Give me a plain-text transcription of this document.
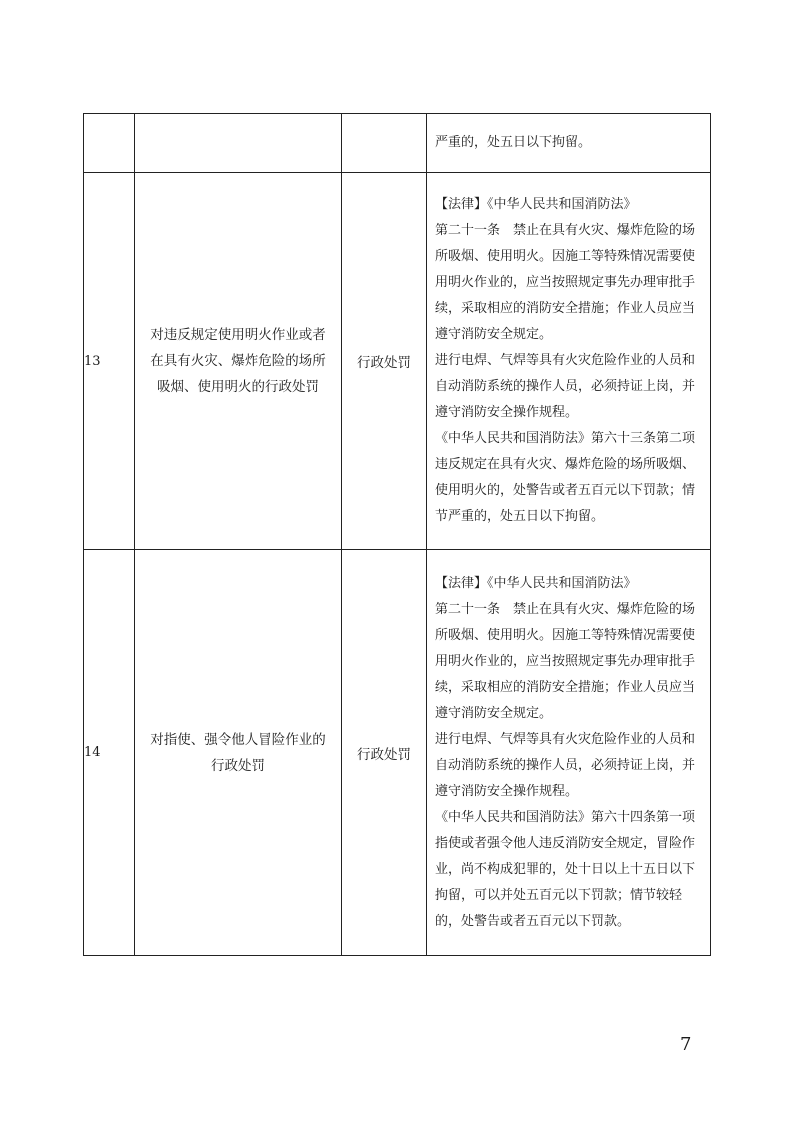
			严重的，处五日以下拘留。

13	对违反规定使用明火作业或者在具有火灾、爆炸危险的场所吸烟、使用明火的行政处罚	行政处罚	【法律】《中华人民共和国消防法》

第二十一条　禁止在具有火灾、爆炸危险的场所吸烟、使用明火。因施工等特殊情况需要使用明火作业的，应当按照规定事先办理审批手续，采取相应的消防安全措施；作业人员应当遵守消防安全规定。

进行电焊、气焊等具有火灾危险作业的人员和自动消防系统的操作人员，必须持证上岗，并遵守消防安全操作规程。

《中华人民共和国消防法》第六十三条第二项违反规定在具有火灾、爆炸危险的场所吸烟、使用明火的，处警告或者五百元以下罚款；情节严重的，处五日以下拘留。

14	对指使、强令他人冒险作业的行政处罚	行政处罚	【法律】《中华人民共和国消防法》

第二十一条　禁止在具有火灾、爆炸危险的场所吸烟、使用明火。因施工等特殊情况需要使用明火作业的，应当按照规定事先办理审批手续，采取相应的消防安全措施；作业人员应当遵守消防安全规定。

进行电焊、气焊等具有火灾危险作业的人员和自动消防系统的操作人员，必须持证上岗，并遵守消防安全操作规程。

《中华人民共和国消防法》第六十四条第一项指使或者强令他人违反消防安全规定，冒险作业，尚不构成犯罪的，处十日以上十五日以下拘留，可以并处五百元以下罚款；情节较轻的，处警告或者五百元以下罚款。

7
